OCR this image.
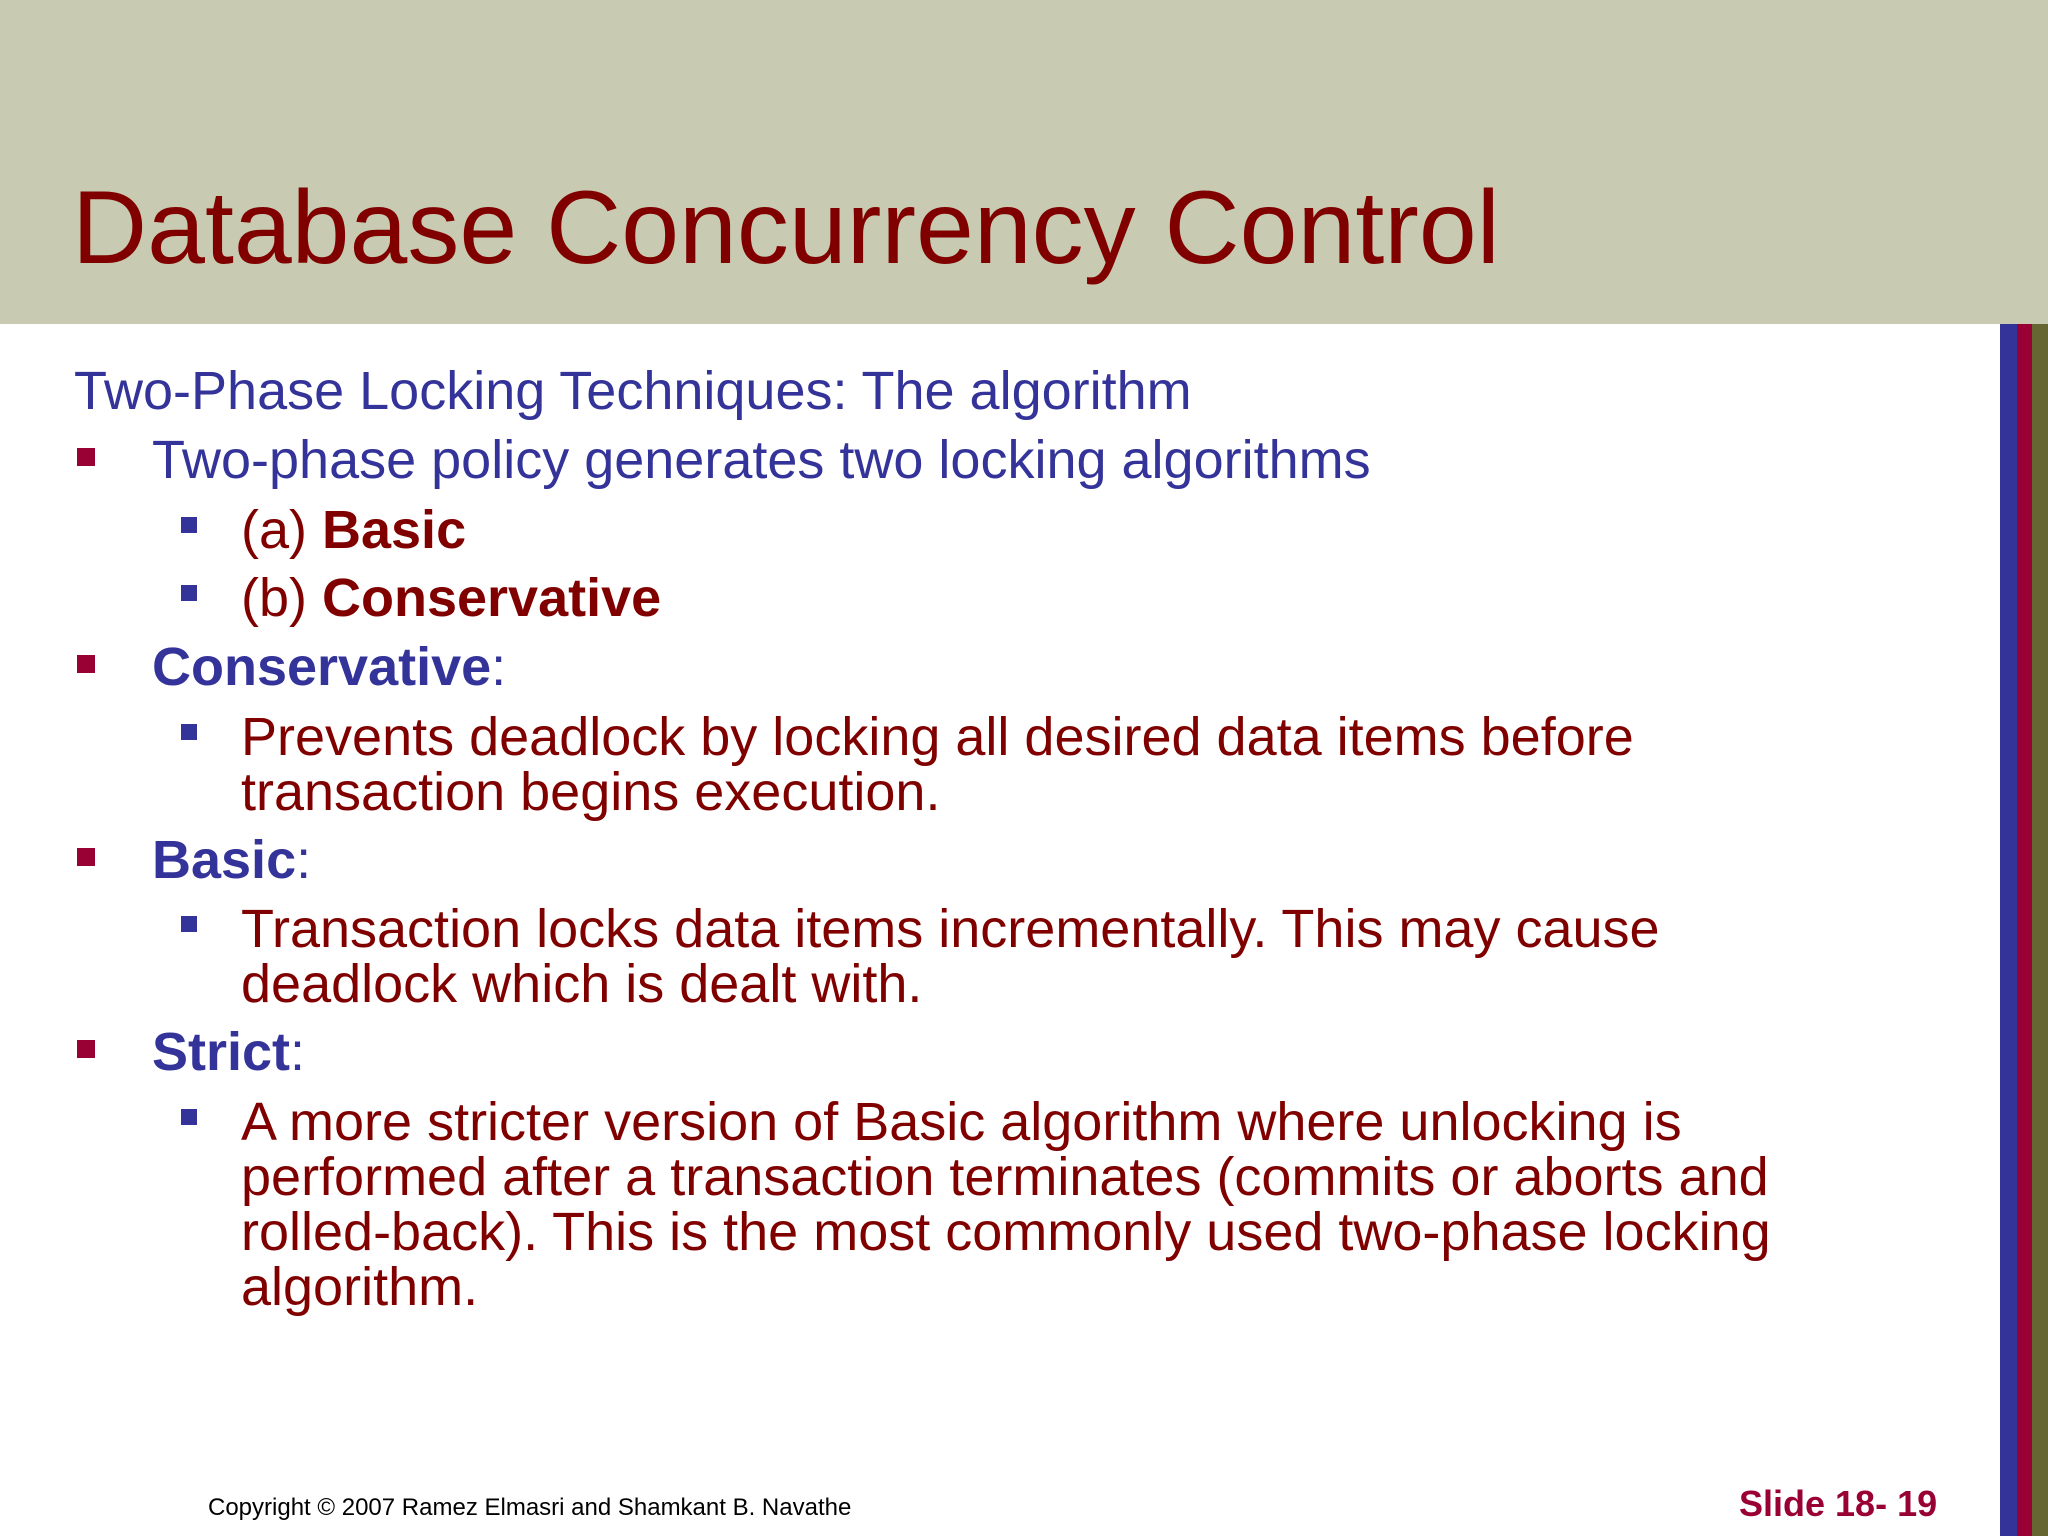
Database Concurrency Control
Two-Phase Locking Techniques: The algorithm
Two-phase policy generates two locking algorithms
(a) Basic
(b) Conservative
Conservative:
Prevents deadlock by locking all desired data items before
transaction begins execution.
Basic:
Transaction locks data items incrementally. This may cause
deadlock which is dealt with.
Strict:
A more stricter version of Basic algorithm where unlocking is
performed after a transaction terminates (commits or aborts and
rolled-back). This is the most commonly used two-phase locking
algorithm.
Copyright © 2007 Ramez Elmasri and Shamkant B. Navathe	Slide 18- 19
